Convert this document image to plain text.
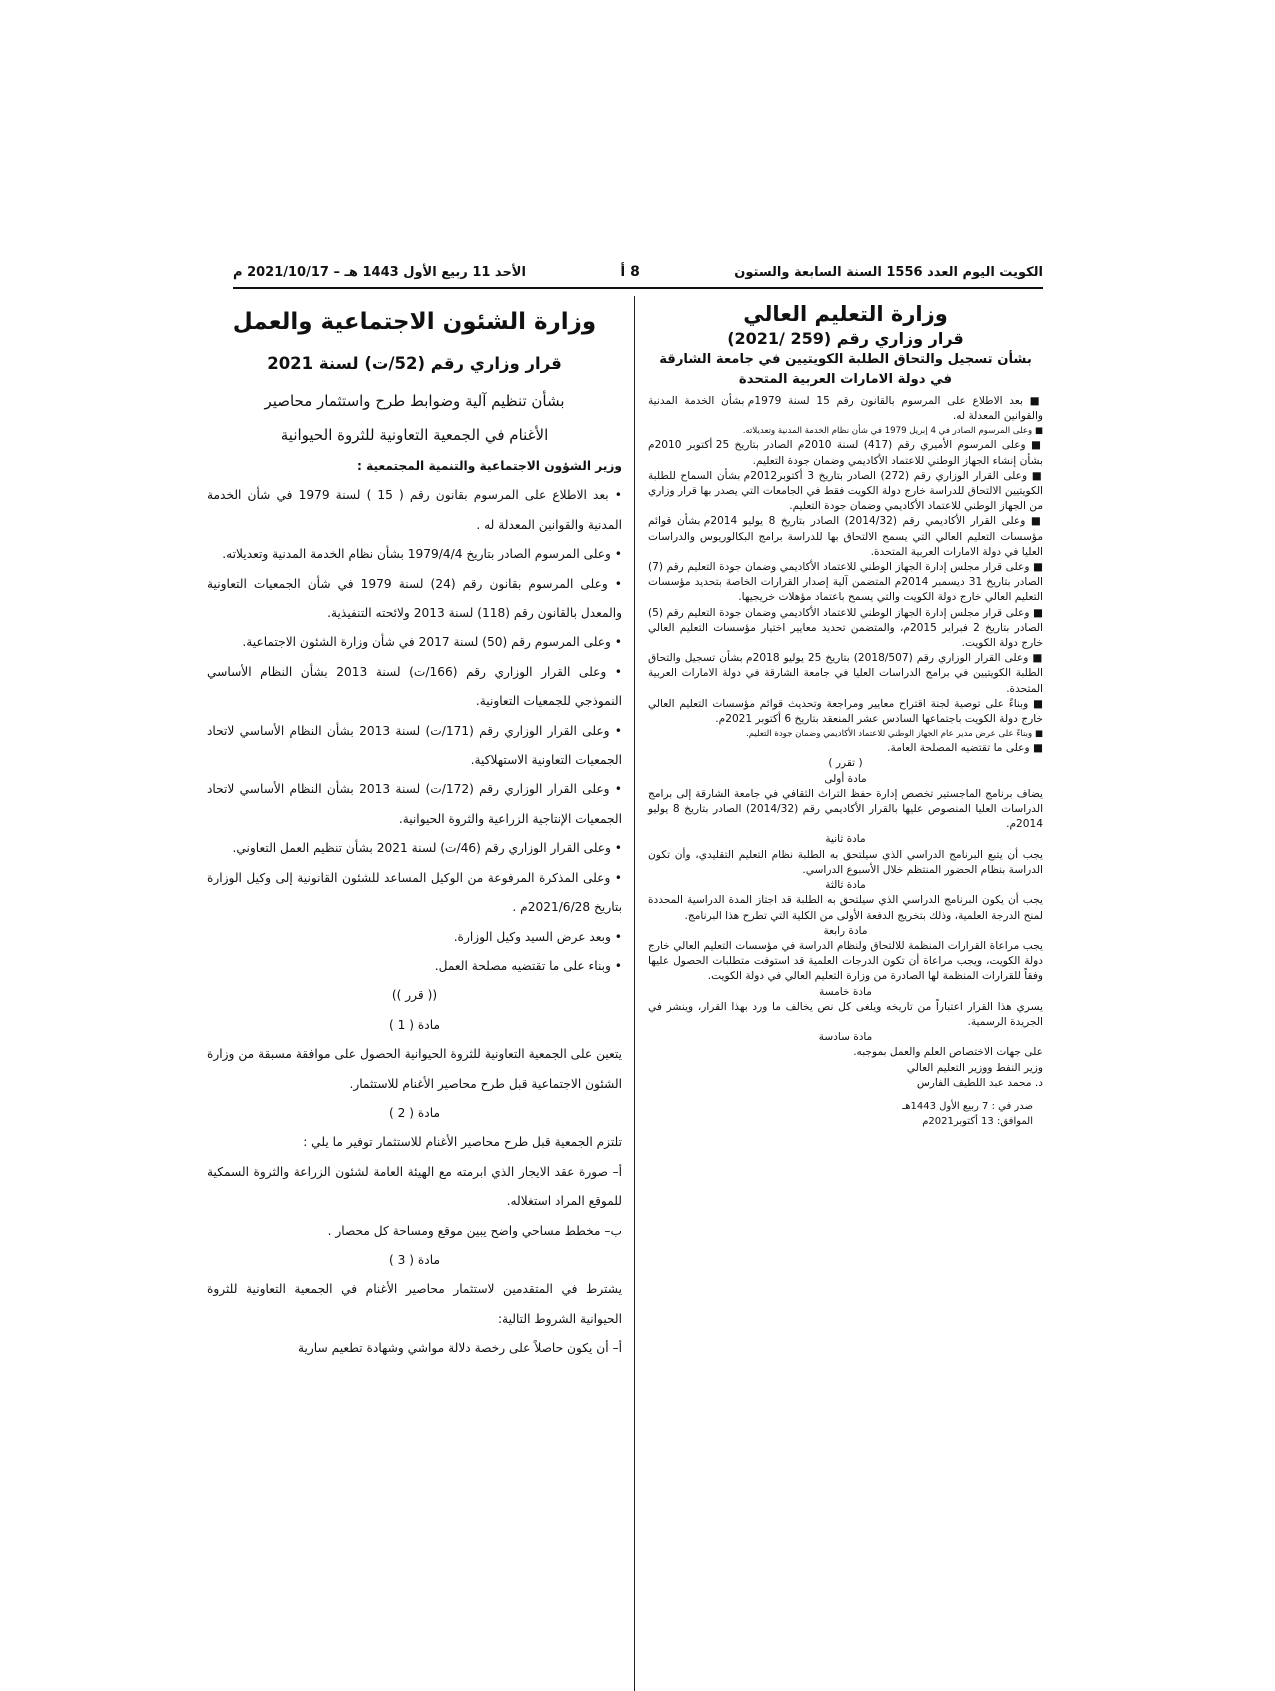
الكويت اليوم العدد 1556 السنة السابعة والستون
8 أ
الأحد 11 ربيع الأول 1443 هـ – 2021/10/17 م

وزارة التعليم العالي

قرار وزاري رقم (259 /2021)

بشأن تسجيل والتحاق الطلبة الكويتيين في جامعة الشارقة في دولة الامارات العربية المتحدة

■ بعد الاطلاع على المرسوم بالقانون رقم 15 لسنة 1979م بشأن الخدمة المدنية والقوانين المعدلة له.

■ وعلى المرسوم الصادر في 4 إبريل 1979 في شأن نظام الخدمة المدنية وتعديلاته.

■ وعلى المرسوم الأميري رقم (417) لسنة 2010م الصادر بتاريخ 25 أكتوبر 2010م بشأن إنشاء الجهاز الوطني للاعتماد الأكاديمي وضمان جودة التعليم.

■ وعلى القرار الوزاري رقم (272) الصادر بتاريخ 3 أكتوبر2012م بشأن السماح للطلبة الكويتيين الالتحاق للدراسة خارج دولة الكويت فقط في الجامعات التي يصدر بها قرار وزاري من الجهاز الوطني للاعتماد الأكاديمي وضمان جودة التعليم.

■ وعلى القرار الأكاديمي رقم (2014/32) الصادر بتاريخ 8 يوليو 2014م بشأن قوائم مؤسسات التعليم العالي التي يسمح الالتحاق بها للدراسة برامج البكالوريوس والدراسات العليا في دولة الامارات العربية المتحدة.

■ وعلى قرار مجلس إدارة الجهاز الوطني للاعتماد الأكاديمي وضمان جودة التعليم رقم (7) الصادر بتاريخ 31 ديسمبر 2014م المتضمن آلية إصدار القرارات الخاصة بتحديد مؤسسات التعليم العالي خارج دولة الكويت والتي يسمح باعتماد مؤهلات خريجيها.

■ وعلى قرار مجلس إدارة الجهاز الوطني للاعتماد الأكاديمي وضمان جودة التعليم رقم (5) الصادر بتاريخ 2 فبراير 2015م، والمتضمن تحديد معايير اختيار مؤسسات التعليم العالي خارج دولة الكويت.

■ وعلى القرار الوزاري رقم (2018/507) بتاريخ 25 يوليو 2018م بشأن تسجيل والتحاق الطلبة الكويتيين في برامج الدراسات العليا في جامعة الشارقة في دولة الامارات العربية المتحدة.

■ وبناءً على توصية لجنة اقتراح معايير ومراجعة وتحديث قوائم مؤسسات التعليم العالي خارج دولة الكويت باجتماعها السادس عشر المنعقد بتاريخ 6 أكتوبر 2021م.

■ وبناءً على عرض مدير عام الجهاز الوطني للاعتماد الأكاديمي وضمان جودة التعليم.

■ وعلى ما تقتضيه المصلحة العامة.

( تقرر )

مادة أولى

يضاف برنامج الماجستير تخصص إدارة حفظ التراث الثقافي في جامعة الشارقة إلى برامج الدراسات العليا المنصوص عليها بالقرار الأكاديمي رقم (2014/32) الصادر بتاريخ 8 يوليو 2014م.

مادة ثانية

يجب أن يتبع البرنامج الدراسي الذي سيلتحق به الطلبة نظام التعليم التقليدي، وأن تكون الدراسة بنظام الحضور المنتظم خلال الأسبوع الدراسي.

مادة ثالثة

يجب أن يكون البرنامج الدراسي الذي سيلتحق به الطلبة قد اجتاز المدة الدراسية المحددة لمنح الدرجة العلمية، وذلك بتخريج الدفعة الأولى من الكلية التي تطرح هذا البرنامج.

مادة رابعة

يجب مراعاة القرارات المنظمة للالتحاق ولنظام الدراسة في مؤسسات التعليم العالي خارج دولة الكويت، ويجب مراعاة أن تكون الدرجات العلمية قد استوفت متطلبات الحصول عليها وفقاً للقرارات المنظمة لها الصادرة من وزارة التعليم العالي في دولة الكويت.

مادة خامسة

يسري هذا القرار اعتباراً من تاريخه ويلغى كل نص يخالف ما ورد بهذا القرار، وينشر في الجريدة الرسمية.

مادة سادسة

على جهات الاختصاص العلم والعمل بموجبه.

وزير النفط ووزير التعليم العالي

د. محمد عبد اللطيف الفارس

صدر في : 7 ربيع الأول 1443هـ

الموافق: 13 أكتوبر2021م

وزارة الشئون الاجتماعية والعمل

قرار وزاري رقم (52/ت) لسنة 2021

بشأن تنظيم آلية وضوابط طرح واستثمار محاصير

الأغنام في الجمعية التعاونية للثروة الحيوانية

وزير الشؤون الاجتماعية والتنمية المجتمعية :

• بعد الاطلاع على المرسوم بقانون رقم ( 15 ) لسنة 1979 في شأن الخدمة المدنية والقوانين المعدلة له .

• وعلى المرسوم الصادر بتاريخ 1979/4/4 بشأن نظام الخدمة المدنية وتعديلاته.

• وعلى المرسوم بقانون رقم (24) لسنة 1979 في شأن الجمعيات التعاونية والمعدل بالقانون رقم (118) لسنة 2013 ولائحته التنفيذية.

• وعلى المرسوم رقم (50) لسنة 2017 في شأن وزارة الشئون الاجتماعية.

• وعلى القرار الوزاري رقم (166/ت) لسنة 2013 بشأن النظام الأساسي النموذجي للجمعيات التعاونية.

• وعلى القرار الوزاري رقم (171/ت) لسنة 2013 بشأن النظام الأساسي لاتحاد الجمعيات التعاونية الاستهلاكية.

• وعلى القرار الوزاري رقم (172/ت) لسنة 2013 بشأن النظام الأساسي لاتحاد الجمعيات الإنتاجية الزراعية والثروة الحيوانية.

• وعلى القرار الوزاري رقم (46/ت) لسنة 2021 بشأن تنظيم العمل التعاوني.

• وعلى المذكرة المرفوعة من الوكيل المساعد للشئون القانونية إلى وكيل الوزارة بتاريخ 2021/6/28م .

• وبعد عرض السيد وكيل الوزارة.

• وبناء على ما تقتضيه مصلحة العمل.

(( قرر ))

مادة ( 1 )

يتعين على الجمعية التعاونية للثروة الحيوانية الحصول على موافقة مسبقة من وزارة الشئون الاجتماعية قبل طرح محاصير الأغنام للاستثمار.

مادة ( 2 )

تلتزم الجمعية قبل طرح محاصير الأغنام للاستثمار توفير ما يلي :

أ– صورة عقد الايجار الذي ابرمته مع الهيئة العامة لشئون الزراعة والثروة السمكية للموقع المراد استغلاله.

ب– مخطط مساحي واضح يبين موقع ومساحة كل محصار .

مادة ( 3 )

يشترط في المتقدمين لاستثمار محاصير الأغنام في الجمعية التعاونية للثروة الحيوانية الشروط التالية:

أ– أن يكون حاصلاً على رخصة دلالة مواشي وشهادة تطعيم سارية
